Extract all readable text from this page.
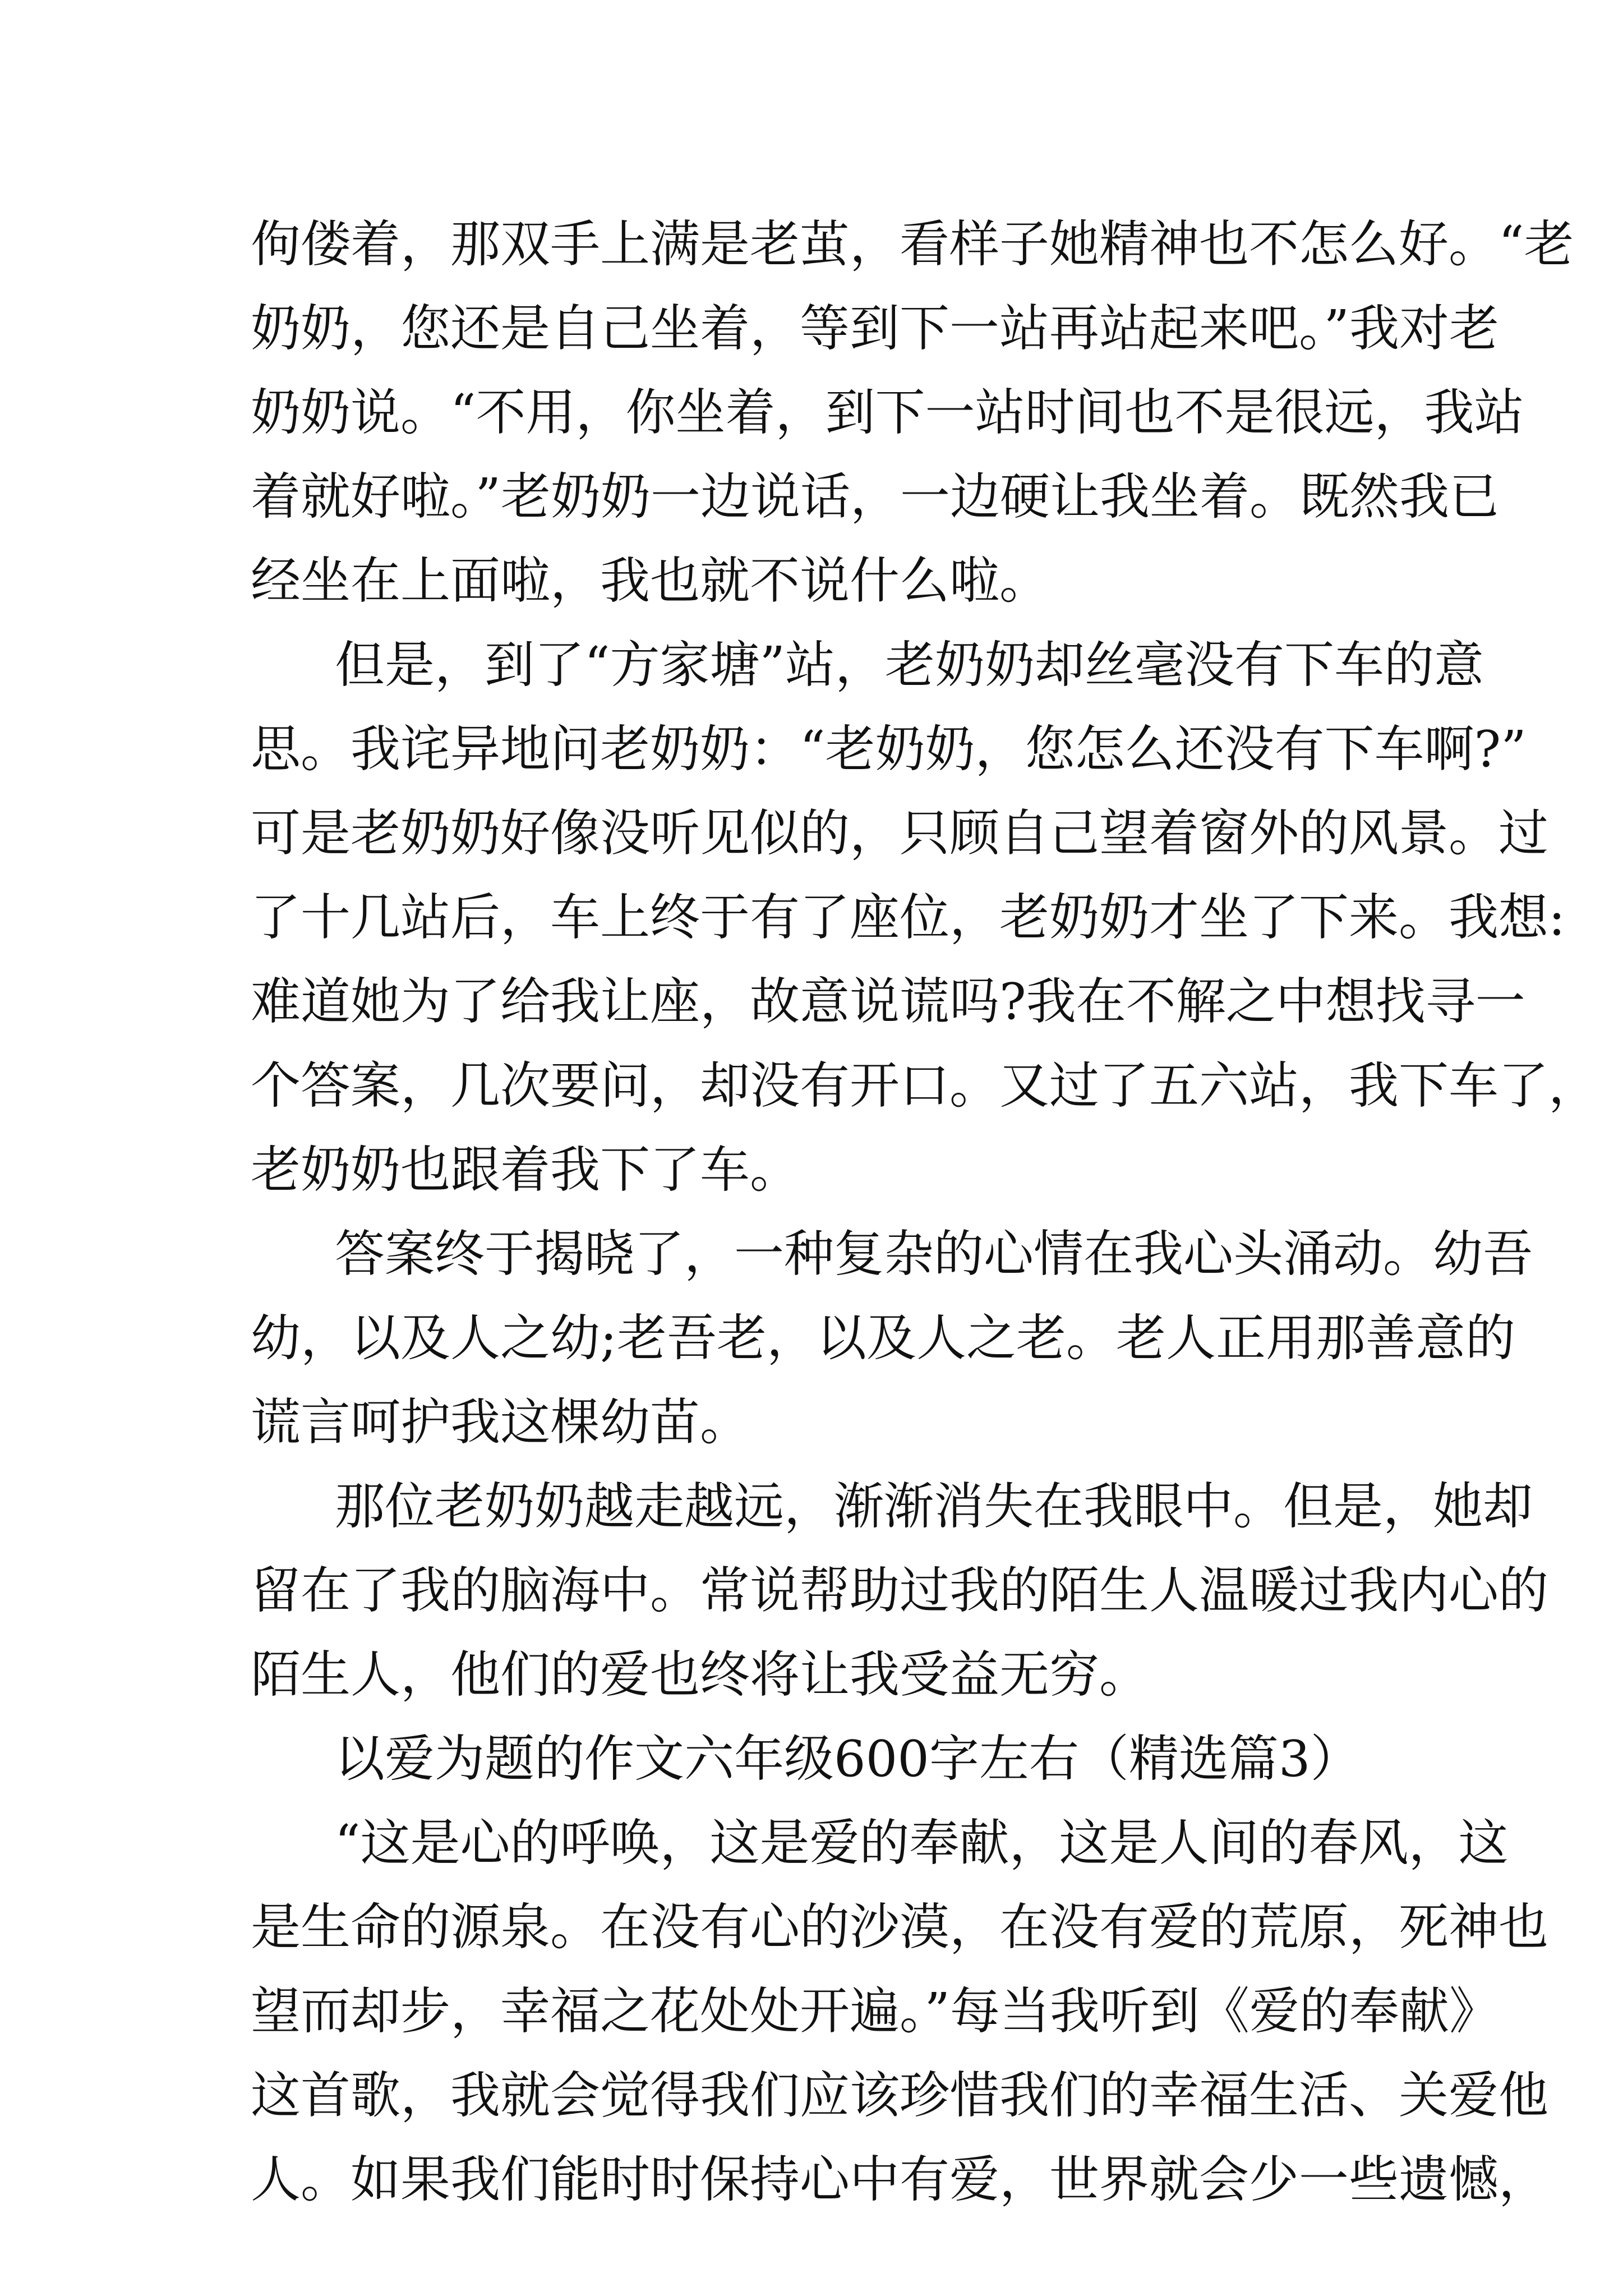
佝偻着，那双手上满是老茧，看样子她精神也不怎么好。“老
奶奶，您还是自己坐着，等到下一站再站起来吧。”我对老
奶奶说。“不用，你坐着，到下一站时间也不是很远，我站
着就好啦。”老奶奶一边说话，一边硬让我坐着。既然我已
经坐在上面啦，我也就不说什么啦。
但是，到了“方家塘”站，老奶奶却丝毫没有下车的意
思。我诧异地问老奶奶：“老奶奶，您怎么还没有下车啊?”
可是老奶奶好像没听见似的，只顾自己望着窗外的风景。过
了十几站后，车上终于有了座位，老奶奶才坐了下来。我想:
难道她为了给我让座，故意说谎吗?我在不解之中想找寻一
个答案，几次要问，却没有开口。又过了五六站，我下车了，
老奶奶也跟着我下了车。
答案终于揭晓了，一种复杂的心情在我心头涌动。幼吾
幼，以及人之幼;老吾老，以及人之老。老人正用那善意的
谎言呵护我这棵幼苗。
那位老奶奶越走越远，渐渐消失在我眼中。但是，她却
留在了我的脑海中。常说帮助过我的陌生人温暖过我内心的
陌生人，他们的爱也终将让我受益无穷。
以爱为题的作文六年级600字左右（精选篇3）
“这是心的呼唤，这是爱的奉献，这是人间的春风，这
是生命的源泉。在没有心的沙漠，在没有爱的荒原，死神也
望而却步，幸福之花处处开遍。”每当我听到《爱的奉献》
这首歌，我就会觉得我们应该珍惜我们的幸福生活、关爱他
人。如果我们能时时保持心中有爱，世界就会少一些遗憾，
